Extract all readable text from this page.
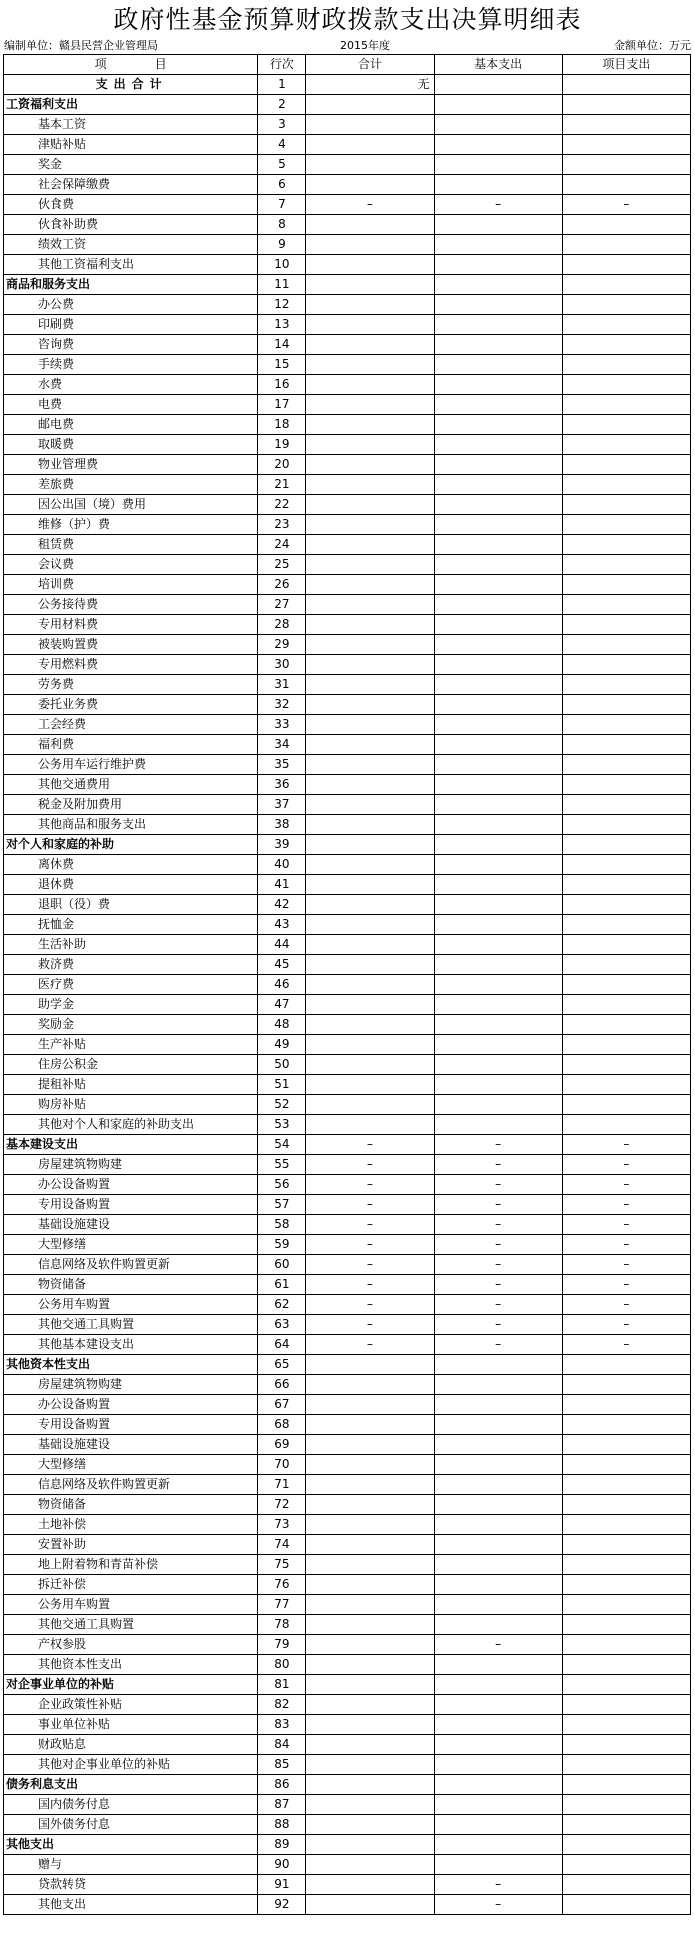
政府性基金预算财政拨款支出决算明细表
编制单位：赣县民营企业管理局	2015年度	金额单位：万元
项　　　　目	行次	合计	基本支出	项目支出
支出合计	1	无		
工资福利支出	2			
基本工资	3			
津贴补贴	4			
奖金	5			
社会保障缴费	6			
伙食费	7	–	–	–
伙食补助费	8			
绩效工资	9			
其他工资福利支出	10			
商品和服务支出	11			
办公费	12			
印刷费	13			
咨询费	14			
手续费	15			
水费	16			
电费	17			
邮电费	18			
取暖费	19			
物业管理费	20			
差旅费	21			
因公出国（境）费用	22			
维修（护）费	23			
租赁费	24			
会议费	25			
培训费	26			
公务接待费	27			
专用材料费	28			
被装购置费	29			
专用燃料费	30			
劳务费	31			
委托业务费	32			
工会经费	33			
福利费	34			
公务用车运行维护费	35			
其他交通费用	36			
税金及附加费用	37			
其他商品和服务支出	38			
对个人和家庭的补助	39			
离休费	40			
退休费	41			
退职（役）费	42			
抚恤金	43			
生活补助	44			
救济费	45			
医疗费	46			
助学金	47			
奖励金	48			
生产补贴	49			
住房公积金	50			
提租补贴	51			
购房补贴	52			
其他对个人和家庭的补助支出	53			
基本建设支出	54	–	–	–
房屋建筑物购建	55	–	–	–
办公设备购置	56	–	–	–
专用设备购置	57	–	–	–
基础设施建设	58	–	–	–
大型修缮	59	–	–	–
信息网络及软件购置更新	60	–	–	–
物资储备	61	–	–	–
公务用车购置	62	–	–	–
其他交通工具购置	63	–	–	–
其他基本建设支出	64	–	–	–
其他资本性支出	65			
房屋建筑物购建	66			
办公设备购置	67			
专用设备购置	68			
基础设施建设	69			
大型修缮	70			
信息网络及软件购置更新	71			
物资储备	72			
土地补偿	73			
安置补助	74			
地上附着物和青苗补偿	75			
拆迁补偿	76			
公务用车购置	77			
其他交通工具购置	78			
产权参股	79		–	
其他资本性支出	80			
对企事业单位的补贴	81			
企业政策性补贴	82			
事业单位补贴	83			
财政贴息	84			
其他对企事业单位的补贴	85			
债务利息支出	86			
国内债务付息	87			
国外债务付息	88			
其他支出	89			
赠与	90			
贷款转贷	91		–	
其他支出	92		–	
